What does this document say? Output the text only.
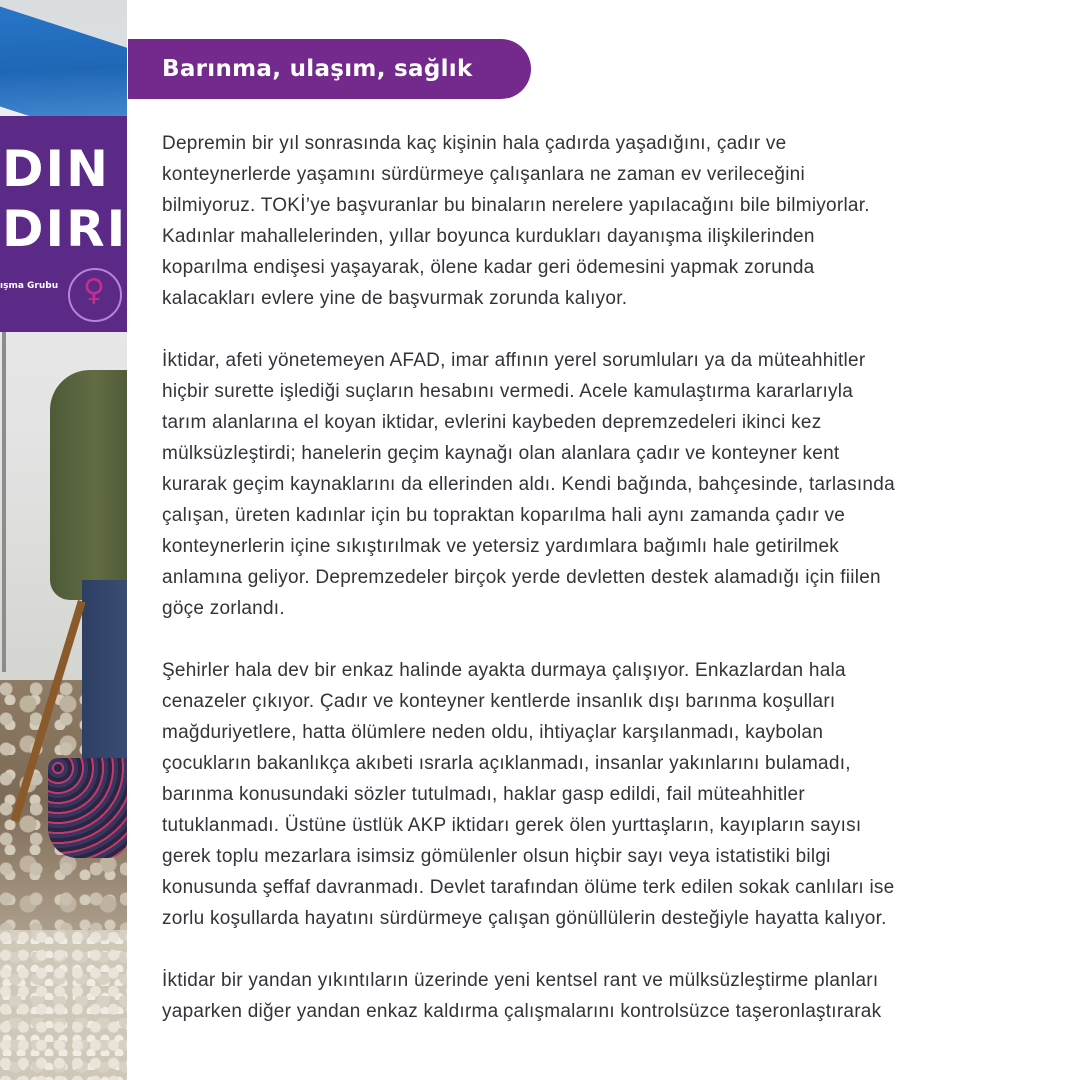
DIN
DIRI
ışma Grubu ♀
Barınma, ulaşım, sağlık

Depremin bir yıl sonrasında kaç kişinin hala çadırda yaşadığını, çadır ve
konteynerlerde yaşamını sürdürmeye çalışanlara ne zaman ev verileceğini
bilmiyoruz. TOKİ’ye başvuranlar bu binaların nerelere yapılacağını bile bilmiyorlar.
Kadınlar mahallelerinden, yıllar boyunca kurdukları dayanışma ilişkilerinden
koparılma endişesi yaşayarak, ölene kadar geri ödemesini yapmak zorunda
kalacakları evlere yine de başvurmak zorunda kalıyor.

İktidar, afeti yönetemeyen AFAD, imar affının yerel sorumluları ya da müteahhitler
hiçbir surette işlediği suçların hesabını vermedi. Acele kamulaştırma kararlarıyla
tarım alanlarına el koyan iktidar, evlerini kaybeden depremzedeleri ikinci kez
mülksüzleştirdi; hanelerin geçim kaynağı olan alanlara çadır ve konteyner kent
kurarak geçim kaynaklarını da ellerinden aldı. Kendi bağında, bahçesinde, tarlasında
çalışan, üreten kadınlar için bu topraktan koparılma hali aynı zamanda çadır ve
konteynerlerin içine sıkıştırılmak ve yetersiz yardımlara bağımlı hale getirilmek
anlamına geliyor. Depremzedeler birçok yerde devletten destek alamadığı için fiilen
göçe zorlandı.

Şehirler hala dev bir enkaz halinde ayakta durmaya çalışıyor. Enkazlardan hala
cenazeler çıkıyor. Çadır ve konteyner kentlerde insanlık dışı barınma koşulları
mağduriyetlere, hatta ölümlere neden oldu, ihtiyaçlar karşılanmadı, kaybolan
çocukların bakanlıkça akıbeti ısrarla açıklanmadı, insanlar yakınlarını bulamadı,
barınma konusundaki sözler tutulmadı, haklar gasp edildi, fail müteahhitler
tutuklanmadı. Üstüne üstlük AKP iktidarı gerek ölen yurttaşların, kayıpların sayısı
gerek toplu mezarlara isimsiz gömülenler olsun hiçbir sayı veya istatistiki bilgi
konusunda şeffaf davranmadı. Devlet tarafından ölüme terk edilen sokak canlıları ise
zorlu koşullarda hayatını sürdürmeye çalışan gönüllülerin desteğiyle hayatta kalıyor.

İktidar bir yandan yıkıntıların üzerinde yeni kentsel rant ve mülksüzleştirme planları
yaparken diğer yandan enkaz kaldırma çalışmalarını kontrolsüzce taşeronlaştırarak
